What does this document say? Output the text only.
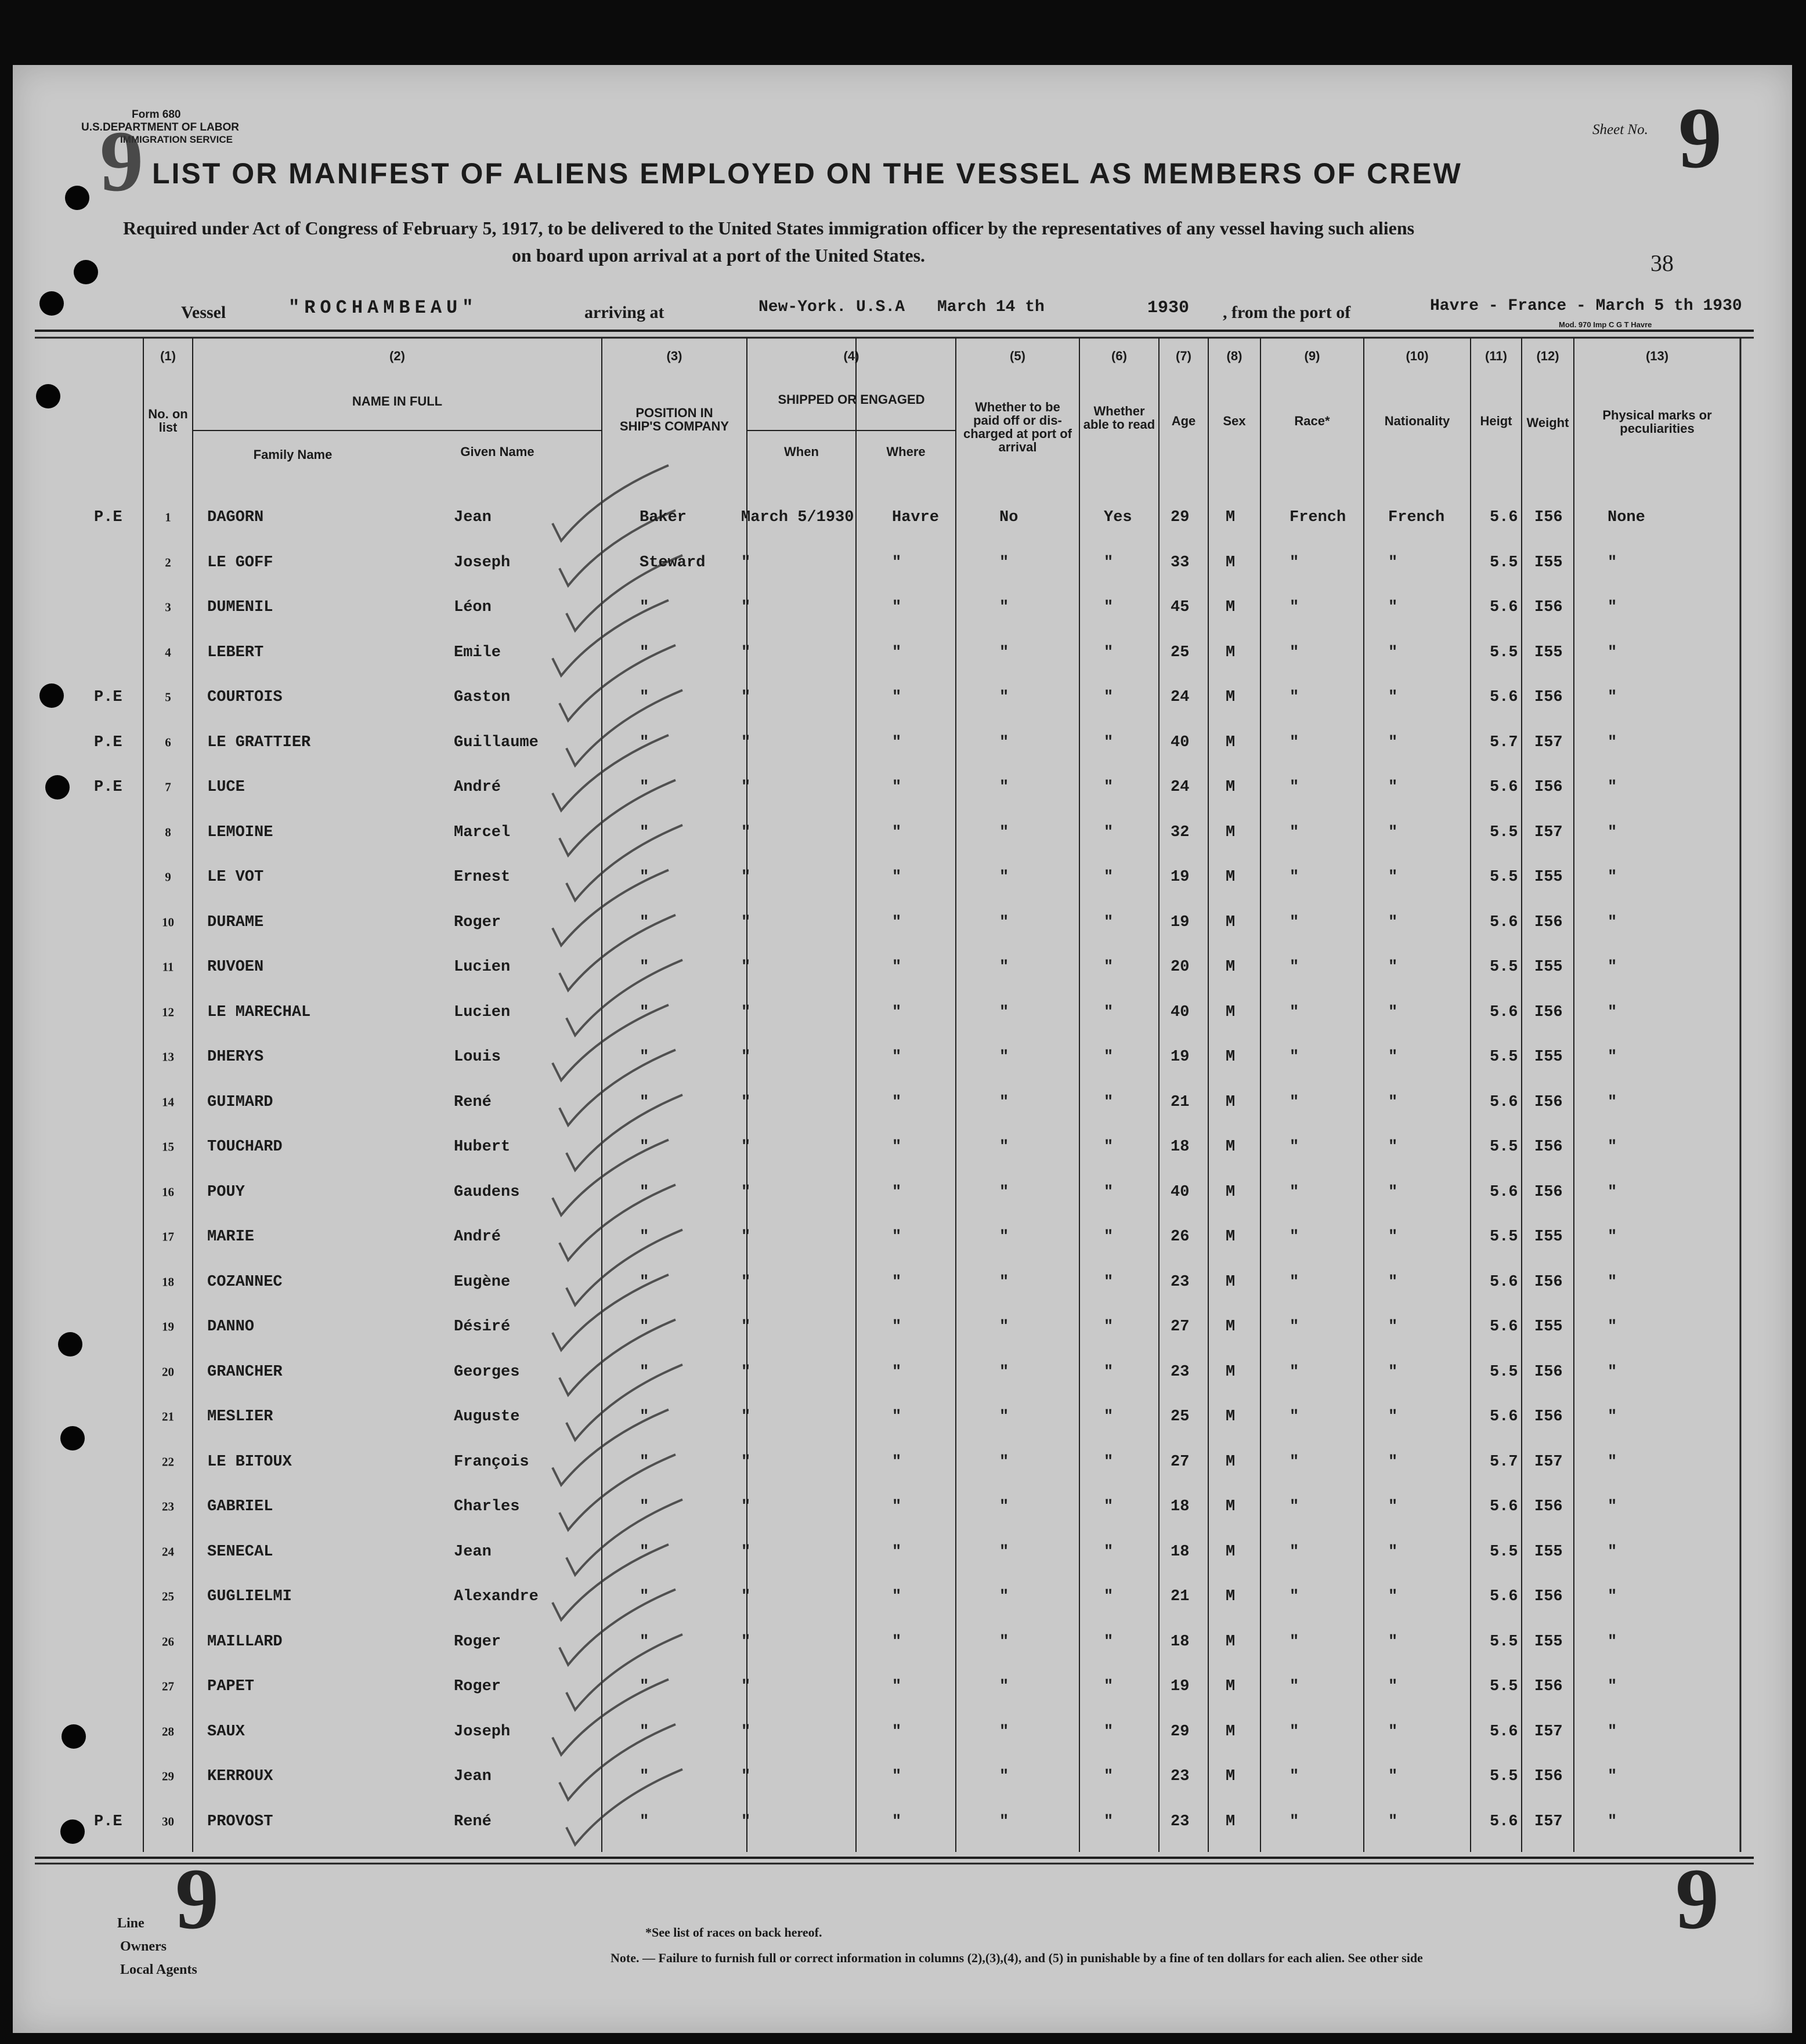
Form 680
U.S.DEPARTMENT OF LABOR
IMMIGRATION SERVICE
9	Sheet No. 9
LIST OR MANIFEST OF ALIENS EMPLOYED ON THE VESSEL AS MEMBERS OF CREW
Required under Act of Congress of February 5, 1917, to be delivered to the United States immigration officer by the representatives of any vessel having such aliens
on board upon arrival at a port of the United States.	38
Vessel	"ROCHAMBEAU"	arriving at	New-York. U.S.A March 14 th	1930 , from the port of	Havre - France - March 5 th 1930
Mod. 970 Imp C G T Havre
(1)	(2)	(3)	(4)	(5)	(6)	(7)	(8)	(9)	(10)	(11)	(12)	(13)
No. on list
NAME IN FULL
Family Name	Given Name
POSITION IN SHIP'S COMPANY
SHIPPED OR ENGAGED
When	Where
Whether to be paid off or dis-charged at port of arrival
Whether able to read	Age	Sex	Race*	Nationality	Heigt	Weight
Physical marks or peculiarities
P.E	1 DAGORN	Jean	Baker	March 5/1930 Havre	No	Yes 29 M	French	French	5.6 I56	None
2 LE GOFF	Joseph	Steward "	"	"	"	33 M	"	"	5.5 I55	"
3 DUMENIL	Léon	"	"	"	"	"	45 M	"	"	5.6 I56	"
4 LEBERT	Emile	"	"	"	"	"	25 M	"	"	5.5 I55	"
P.E	5 COURTOIS	Gaston	"	"	"	"	"	24 M	"	"	5.6 I56	"
P.E	6 LE GRATTIER	Guillaume	"	"	"	"	"	40 M	"	"	5.7 I57	"
P.E	7 LUCE	André	"	"	"	"	"	24 M	"	"	5.6 I56	"
8 LEMOINE	Marcel	"	"	"	"	"	32 M	"	"	5.5 I57	"
9 LE VOT	Ernest	"	"	"	"	"	19 M	"	"	5.5 I55	"
10 DURAME	Roger	"	"	"	"	"	19 M	"	"	5.6 I56	"
11 RUVOEN	Lucien	"	"	"	"	"	20 M	"	"	5.5 I55	"
12 LE MARECHAL	Lucien	"	"	"	"	"	40 M	"	"	5.6 I56	"
13 DHERYS	Louis	"	"	"	"	"	19 M	"	"	5.5 I55	"
14 GUIMARD	René	"	"	"	"	"	21 M	"	"	5.6 I56	"
15 TOUCHARD	Hubert	"	"	"	"	"	18 M	"	"	5.5 I56	"
16 POUY	Gaudens	"	"	"	"	"	40 M	"	"	5.6 I56	"
17 MARIE	André	"	"	"	"	"	26 M	"	"	5.5 I55	"
18 COZANNEC	Eugène	"	"	"	"	"	23 M	"	"	5.6 I56	"
19 DANNO	Désiré	"	"	"	"	"	27 M	"	"	5.6 I55	"
20 GRANCHER	Georges	"	"	"	"	"	23 M	"	"	5.5 I56	"
21 MESLIER	Auguste	"	"	"	"	"	25 M	"	"	5.6 I56	"
22 LE BITOUX	François	"	"	"	"	"	27 M	"	"	5.7 I57	"
23 GABRIEL	Charles	"	"	"	"	"	18 M	"	"	5.6 I56	"
24 SENECAL	Jean	"	"	"	"	"	18 M	"	"	5.5 I55	"
25 GUGLIELMI	Alexandre	"	"	"	"	"	21 M	"	"	5.6 I56	"
26 MAILLARD	Roger	"	"	"	"	"	18 M	"	"	5.5 I55	"
27 PAPET	Roger	"	"	"	"	"	19 M	"	"	5.5 I56	"
28 SAUX	Joseph	"	"	"	"	"	29 M	"	"	5.6 I57	"
29 KERROUX	Jean	"	"	"	"	"	23 M	"	"	5.5 I56	"
P.E	30 PROVOST	René	"	"	"	"	"	23 M	"	"	5.6 I57	"
9	9
Line
Owners
Local Agents
*See list of races on back hereof.
Note. — Failure to furnish full or correct information in columns (2),(3),(4), and (5) in punishable by a fine of ten dollars for each alien. See other side
